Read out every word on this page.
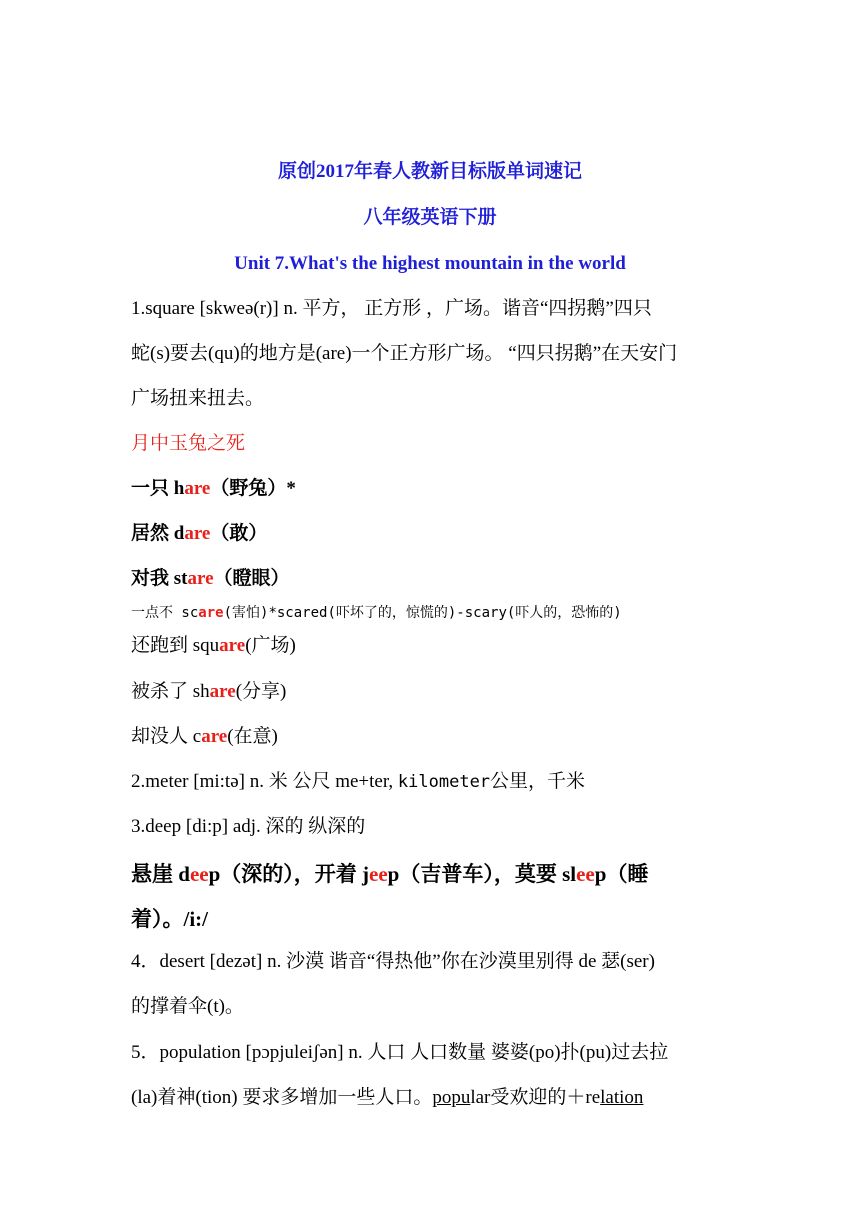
原创2017年春人教新目标版单词速记
八年级英语下册
Unit 7.What's the highest mountain in the world
1.square [skweə(r)] n. 平方， 正方形 ，广场。谐音“四拐鹅”四只
蛇(s)要去(qu)的地方是(are)一个正方形广场。 “四只拐鹅”在天安门
广场扭来扭去。
月中玉兔之死
一只 hare（野兔）*
居然 dare（敢）
对我 stare（瞪眼）
一点不 scare(害怕)*scared(吓坏了的，惊慌的)-scary(吓人的，恐怖的)
还跑到 square(广场)
被杀了 share(分享)
却没人 care(在意)
2.meter [mi:tə] n. 米 公尺 me+ter, kilometer公里，千米
3.deep [di:p] adj. 深的 纵深的
悬崖 deep（深的），开着 jeep（吉普车），莫要 sleep（睡
着）。/i:/
4．desert [dezət] n. 沙漠 谐音“得热他”你在沙漠里别得 de 瑟(ser)
的撑着伞(t)。
5．population [pɔpjuleiʃən] n. 人口 人口数量 婆婆(po)扑(pu)过去拉
(la)着神(tion) 要求多增加一些人口。popular受欢迎的＋relation
